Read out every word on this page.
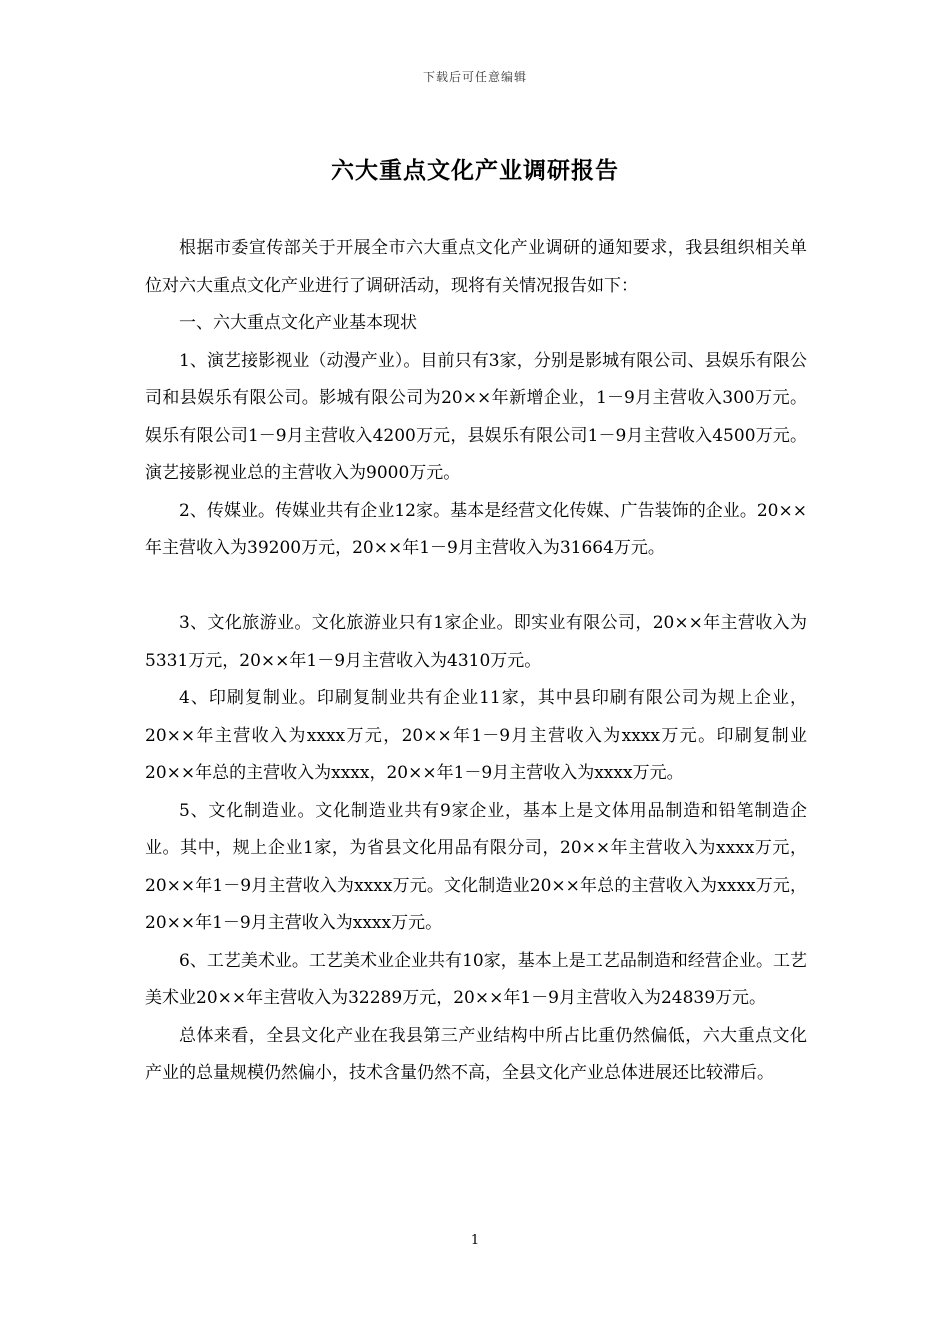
下载后可任意编辑
六大重点文化产业调研报告

根据市委宣传部关于开展全市六大重点文化产业调研的通知要求，我县组织相关单位对六大重点文化产业进行了调研活动，现将有关情况报告如下：

一、六大重点文化产业基本现状

1、演艺接影视业（动漫产业）。目前只有3家，分别是影城有限公司、县娱乐有限公司和县娱乐有限公司。影城有限公司为20××年新增企业，1－9月主营收入300万元。娱乐有限公司1－9月主营收入4200万元，县娱乐有限公司1－9月主营收入4500万元。演艺接影视业总的主营收入为9000万元。

2、传媒业。传媒业共有企业12家。基本是经营文化传媒、广告装饰的企业。20××年主营收入为39200万元，20××年1－9月主营收入为31664万元。

3、文化旅游业。文化旅游业只有1家企业。即实业有限公司，20××年主营收入为5331万元，20××年1－9月主营收入为4310万元。

4、印刷复制业。印刷复制业共有企业11家，其中县印刷有限公司为规上企业，20××年主营收入为xxxx万元，20××年1－9月主营收入为xxxx万元。印刷复制业20××年总的主营收入为xxxx，20××年1－9月主营收入为xxxx万元。

5、文化制造业。文化制造业共有9家企业，基本上是文体用品制造和铅笔制造企业。其中，规上企业1家，为省县文化用品有限分司，20××年主营收入为xxxx万元，20××年1－9月主营收入为xxxx万元。文化制造业20××年总的主营收入为xxxx万元，20××年1－9月主营收入为xxxx万元。

6、工艺美术业。工艺美术业企业共有10家，基本上是工艺品制造和经营企业。工艺美术业20××年主营收入为32289万元，20××年1－9月主营收入为24839万元。

总体来看，全县文化产业在我县第三产业结构中所占比重仍然偏低，六大重点文化产业的总量规模仍然偏小，技术含量仍然不高，全县文化产业总体进展还比较滞后。

1
